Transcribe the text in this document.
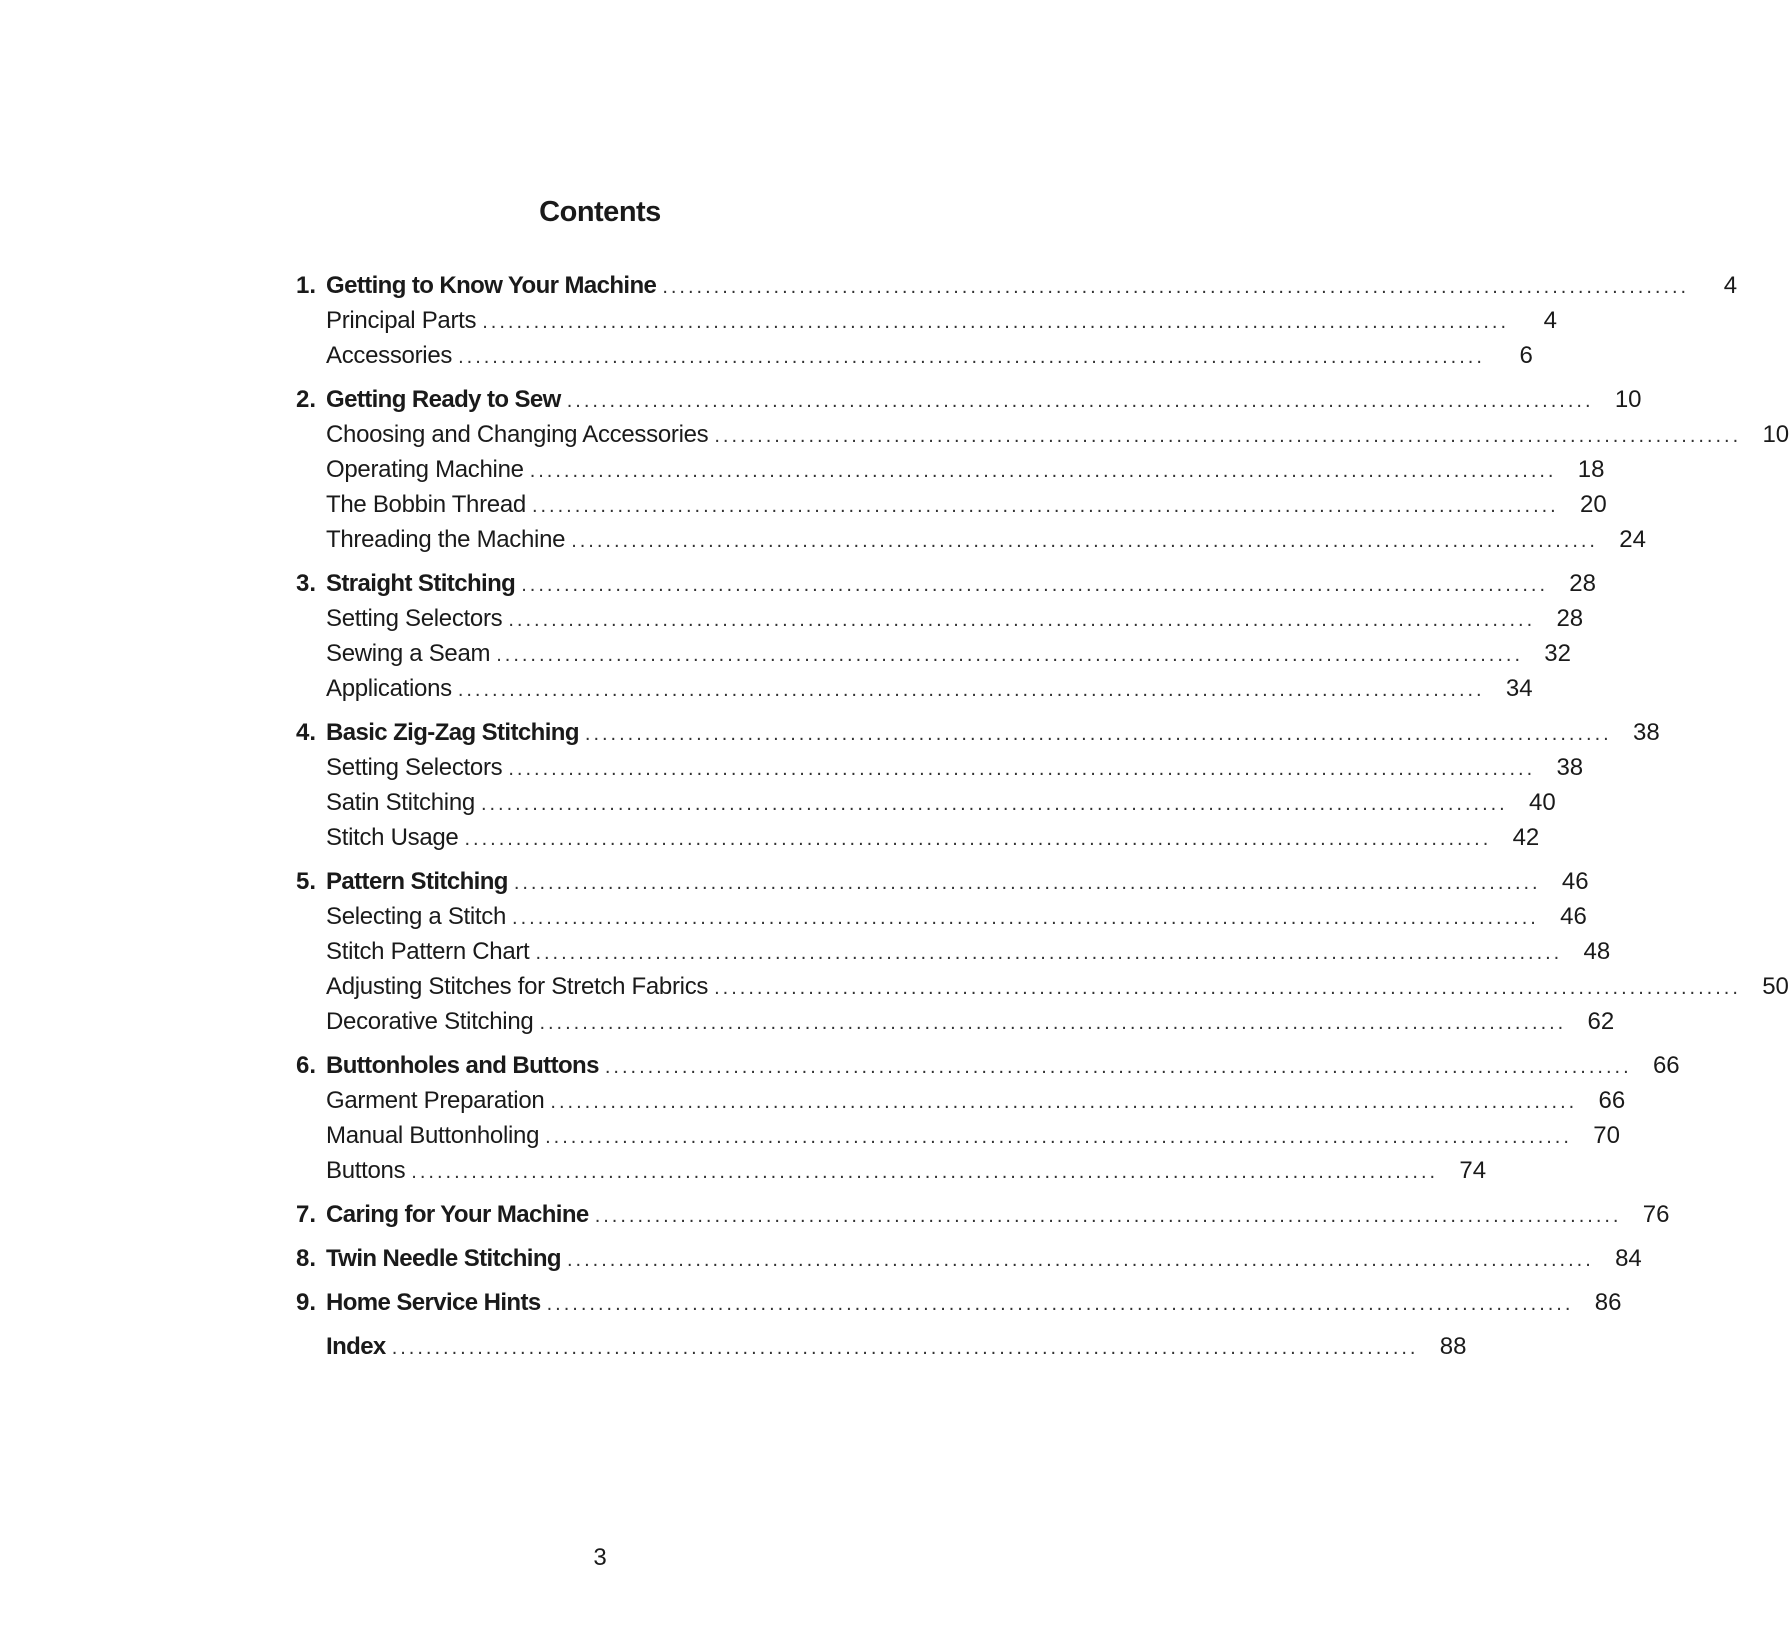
Contents
1. Getting to Know Your Machine ........................................................................................................................	4
Principal Parts ........................................................................................................................	4
Accessories ........................................................................................................................	6
2. Getting Ready to Sew ........................................................................................................................ 10
Choosing and Changing Accessories ........................................................................................................................ 10
Operating Machine ........................................................................................................................ 18
The Bobbin Thread ........................................................................................................................ 20
Threading the Machine ........................................................................................................................ 24
3. Straight Stitching ........................................................................................................................ 28
Setting Selectors ........................................................................................................................ 28
Sewing a Seam ........................................................................................................................ 32
Applications ........................................................................................................................ 34
4. Basic Zig-Zag Stitching ........................................................................................................................ 38
Setting Selectors ........................................................................................................................ 38
Satin Stitching ........................................................................................................................ 40
Stitch Usage ........................................................................................................................ 42
5. Pattern Stitching ........................................................................................................................ 46
Selecting a Stitch ........................................................................................................................ 46
Stitch Pattern Chart ........................................................................................................................ 48
Adjusting Stitches for Stretch Fabrics ........................................................................................................................ 50
Decorative Stitching ........................................................................................................................ 62
6. Buttonholes and Buttons ........................................................................................................................ 66
Garment Preparation ........................................................................................................................ 66
Manual Buttonholing ........................................................................................................................ 70
Buttons ........................................................................................................................ 74
7. Caring for Your Machine ........................................................................................................................ 76
8. Twin Needle Stitching ........................................................................................................................ 84
9. Home Service Hints ........................................................................................................................ 86
Index ........................................................................................................................ 88
3
